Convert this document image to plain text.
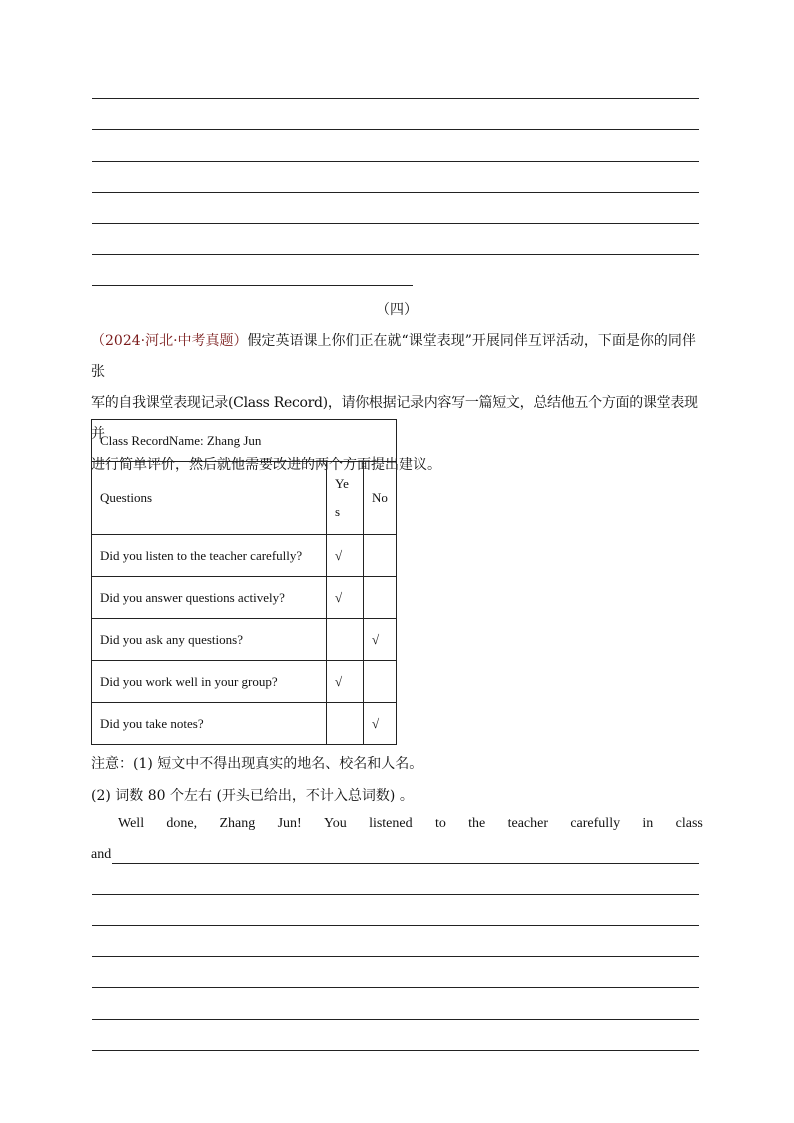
（四）
（2024·河北·中考真题）假定英语课上你们正在就“课堂表现”开展同伴互评活动，下面是你的同伴张
军的自我课堂表现记录(Class Record)，请你根据记录内容写一篇短文，总结他五个方面的课堂表现并
进行简单评价，然后就他需要改进的两个方面提出建议。
Class RecordName: Zhang Jun		
Questions	Ye s	No
Did you listen to the teacher carefully?	√	
Did you answer questions actively?	√	
Did you ask any questions?		√
Did you work well in your group?	√	
Did you take notes?		√
注意：(1) 短文中不得出现真实的地名、校名和人名。
(2) 词数 80 个左右 (开头已给出，不计入总词数) 。
Well done, Zhang Jun! You listened to the teacher carefully in class
and
